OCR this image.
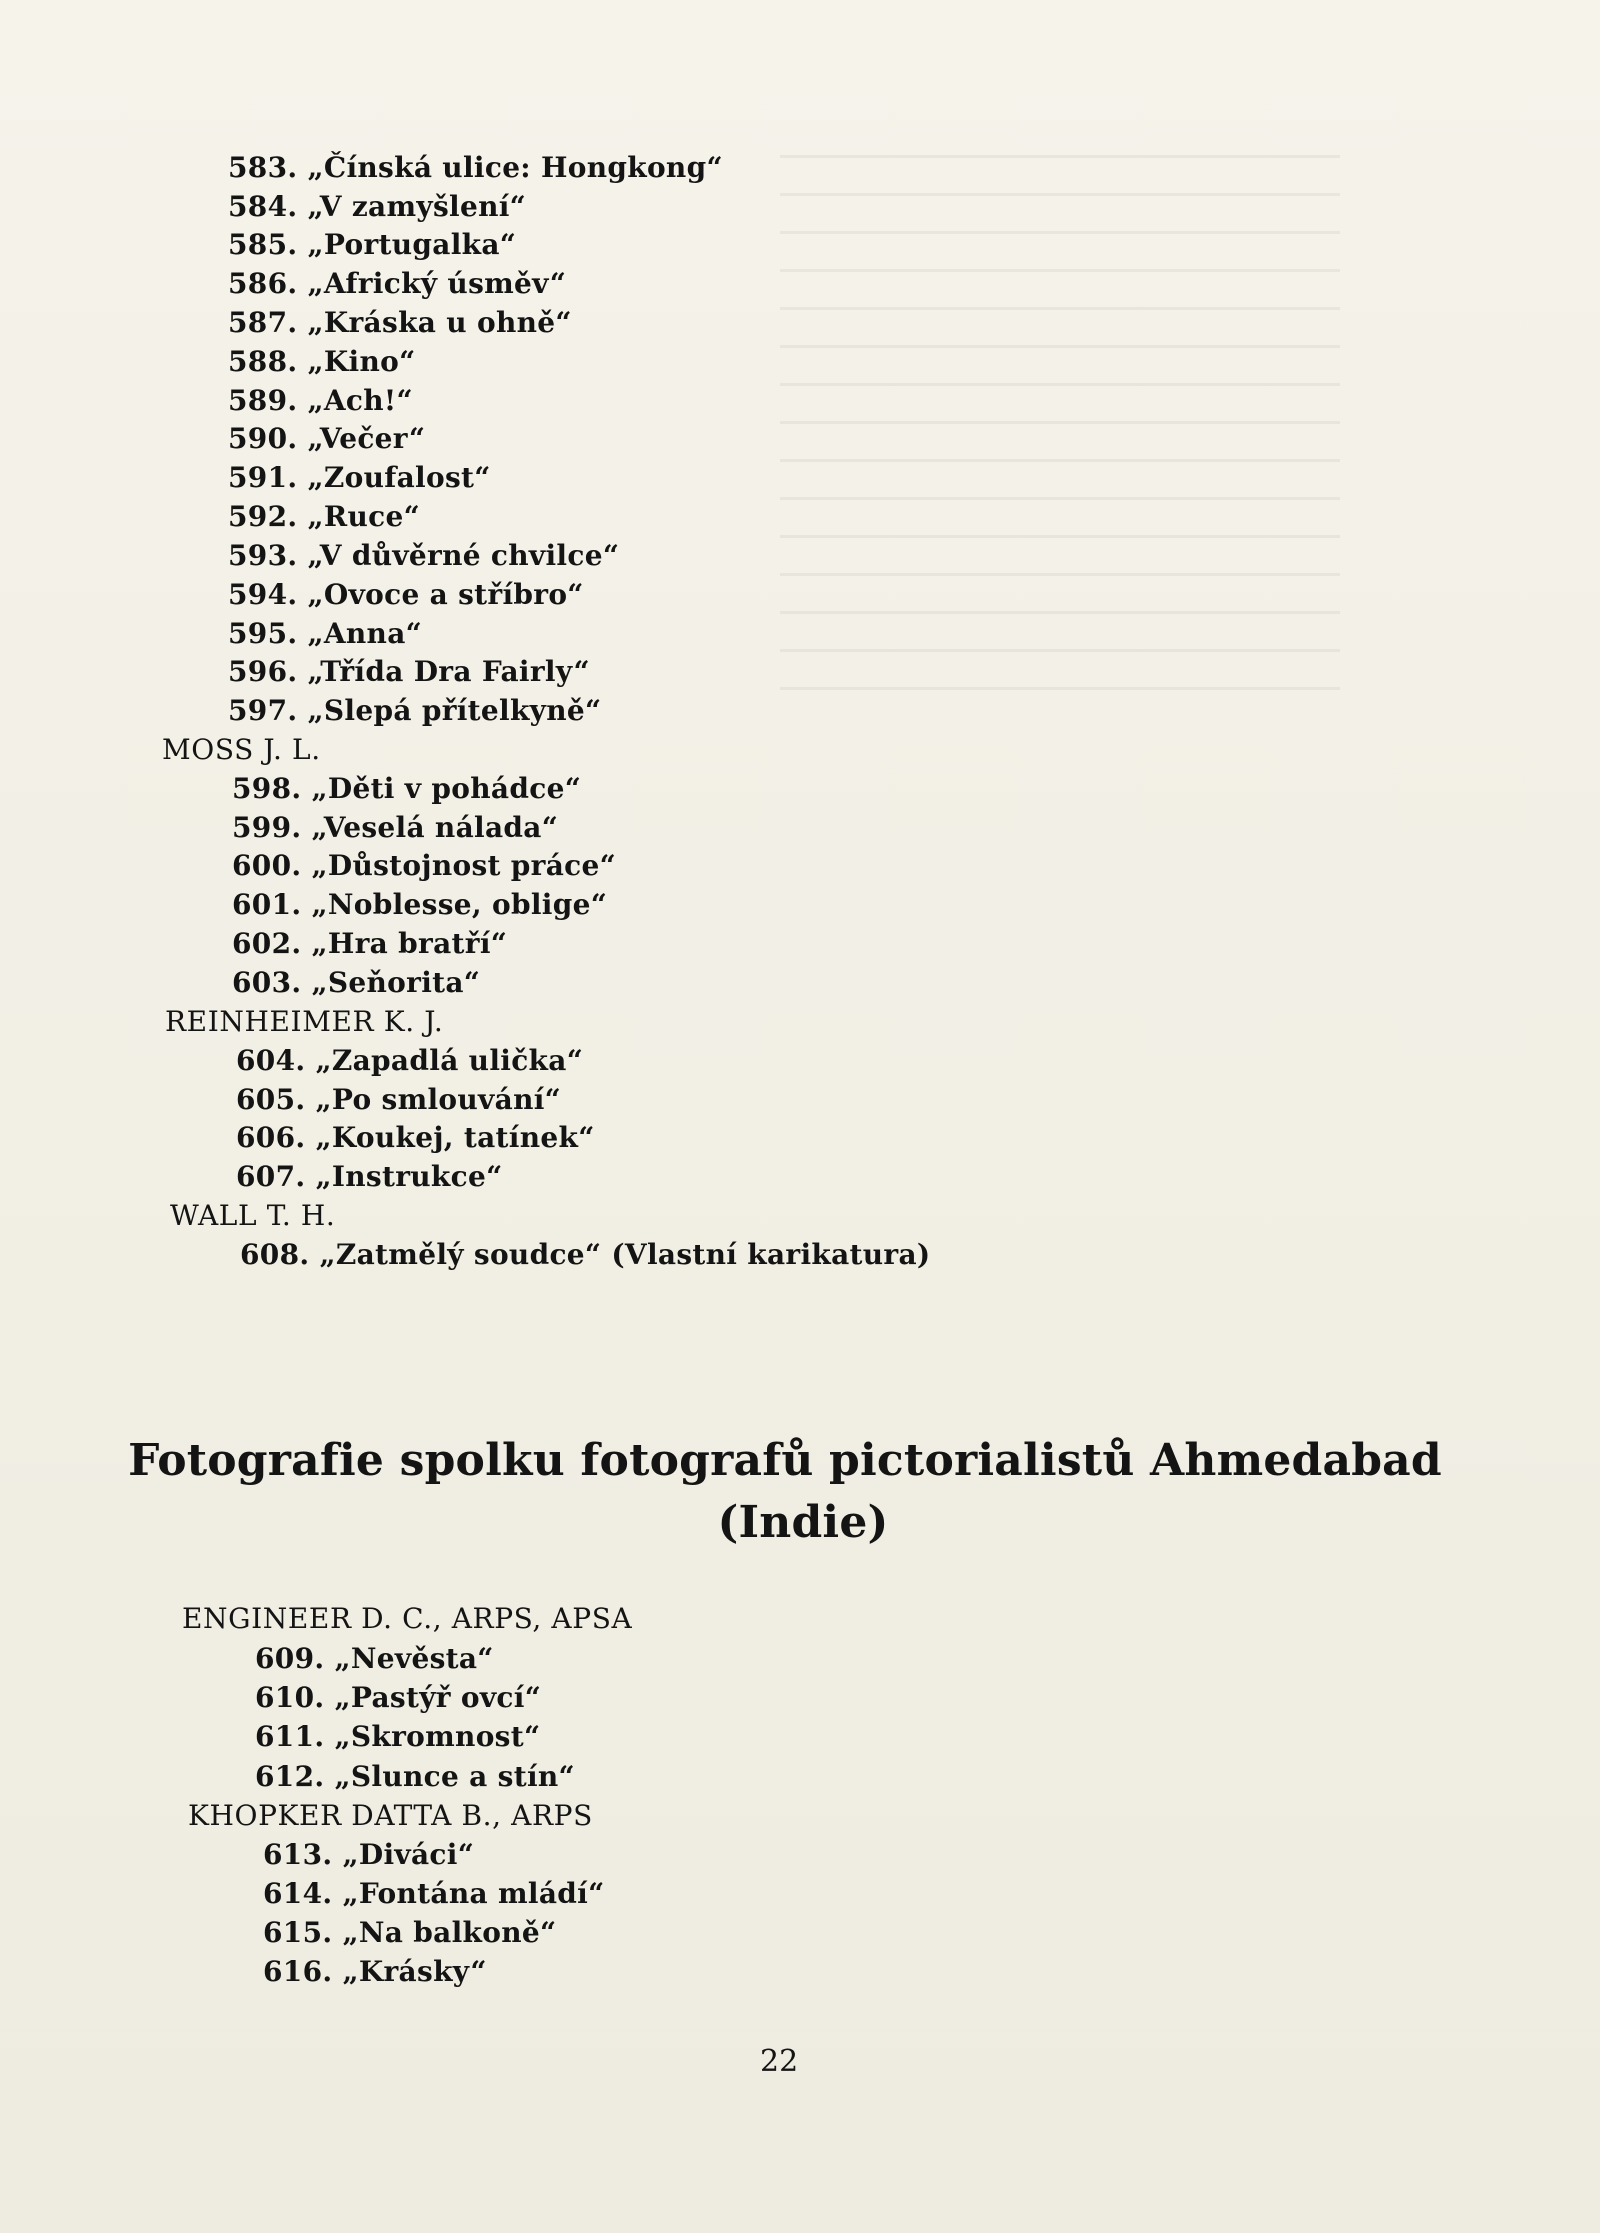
583. „Čínská ulice: Hongkong“
584. „V zamyšlení“
585. „Portugalka“
586. „Africký úsměv“
587. „Kráska u ohně“
588. „Kino“
589. „Ach!“
590. „Večer“
591. „Zoufalost“
592. „Ruce“
593. „V důvěrné chvilce“
594. „Ovoce a stříbro“
595. „Anna“
596. „Třída Dra Fairly“
597. „Slepá přítelkyně“
MOSS J. L.
598. „Děti v pohádce“
599. „Veselá nálada“
600. „Důstojnost práce“
601. „Noblesse, oblige“
602. „Hra bratří“
603. „Seňorita“
REINHEIMER K. J.
604. „Zapadlá ulička“
605. „Po smlouvání“
606. „Koukej, tatínek“
607. „Instrukce“
WALL T. H.
608. „Zatmělý soudce“ (Vlastní karikatura)
Fotografie spolku fotografů pictorialistů Ahmedabad
(Indie)
ENGINEER D. C., ARPS, APSA
609. „Nevěsta“
610. „Pastýř ovcí“
611. „Skromnost“
612. „Slunce a stín“
KHOPKER DATTA B., ARPS
613. „Diváci“
614. „Fontána mládí“
615. „Na balkoně“
616. „Krásky“
22
